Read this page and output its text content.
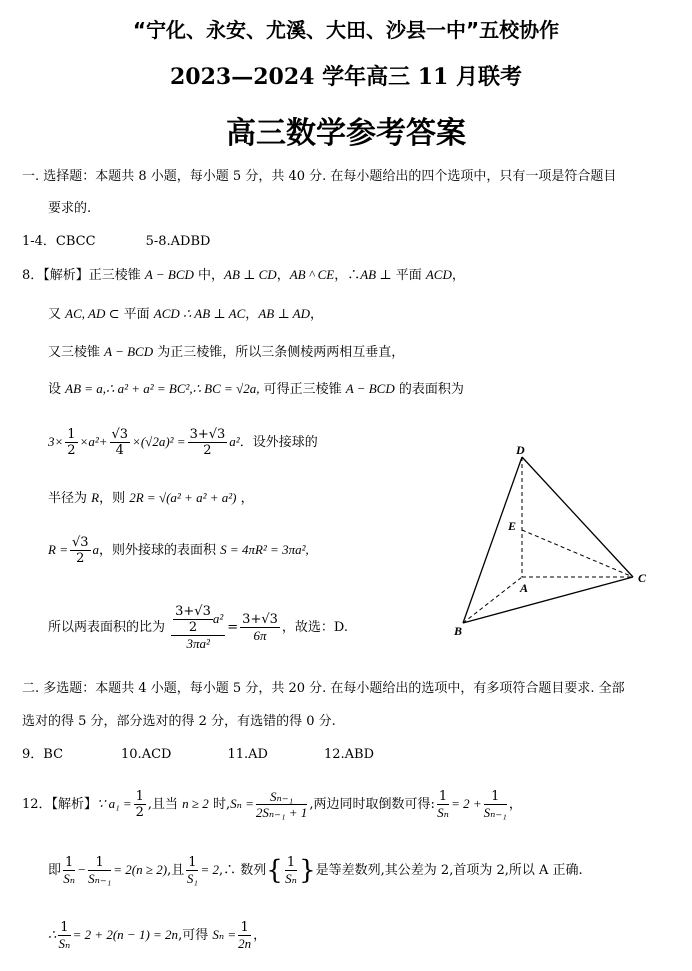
“宁化、永安、尤溪、大田、沙县一中”五校协作
2023—2024 学年高三 11 月联考
高三数学参考答案
一. 选择题：本题共 8 小题，每小题 5 分，共 40 分. 在每小题给出的四个选项中，只有一项是符合题目
要求的.
1-4．CBCC	5-8.ADBD
8．【解析】正三棱锥 A − BCD 中，AB ⊥ CD，AB ^ CE，∴AB ⊥ 平面 ACD，
又 AC, AD ⊂ 平面 ACD ∴ AB ⊥ AC，AB ⊥ AD，
又三棱锥 A − BCD 为正三棱锥，所以三条侧棱两两相互垂直，
设 AB = a,∴ a² + a² = BC²,∴ BC = √2a, 可得正三棱锥 A − BCD 的表面积为
$3\times \frac{1}{2} \times a^2+ \frac{√3}{4} \times(√2a)^2 = \frac{3+√3}{2} a^2$．设外接球的
半径为 R，则 2R = √(a² + a² + a²) ，
$R = \frac{√3}{2}$ a，则外接球的表面积 S = 4πR² = 3πa²,
所以两表面积的比为 $\frac{\frac{3+√3}{2} a^2}{\text{3πa²}} = \frac{3+√3}{6\pi}$ ，故选：D.
D
E
A
B
C
二. 多选题：本题共 4 小题，每小题 5 分，共 20 分. 在每小题给出的选项中，有多项符合题目要求. 全部
选对的得 5 分，部分选对的得 2 分，有选错的得 0 分.
9．BC	10.ACD	11.AD	12.ABD
12．【解析】∵ $a_1 = \frac{1}{2}$ ,且当 n ≥ 2 时$,S_n = \frac{\text{Sₙ₋₁}}{\text{2Sₙ₋₁ + 1}}$ ,两边同时取倒数可得: $\frac{1}{\text{Sₙ}} = 2 + \frac{1}{\text{Sₙ₋₁}}$ ，
即 $\frac{1}{\text{Sₙ}} - \frac{1}{\text{Sₙ₋₁}} = 2(n \ge 2)$,且 $\frac{1}{\text{S₁}}$ = 2,∴ 数列{ $\frac{1}{\text{Sₙ}}$ }是等差数列,其公差为 2,首项为 2,所以 A 正确.
∴ $\frac{1}{\text{Sₙ}} = 2 + 2(n - 1) = 2n$,可得 $S_n = \frac{1}{2n}$ ，
